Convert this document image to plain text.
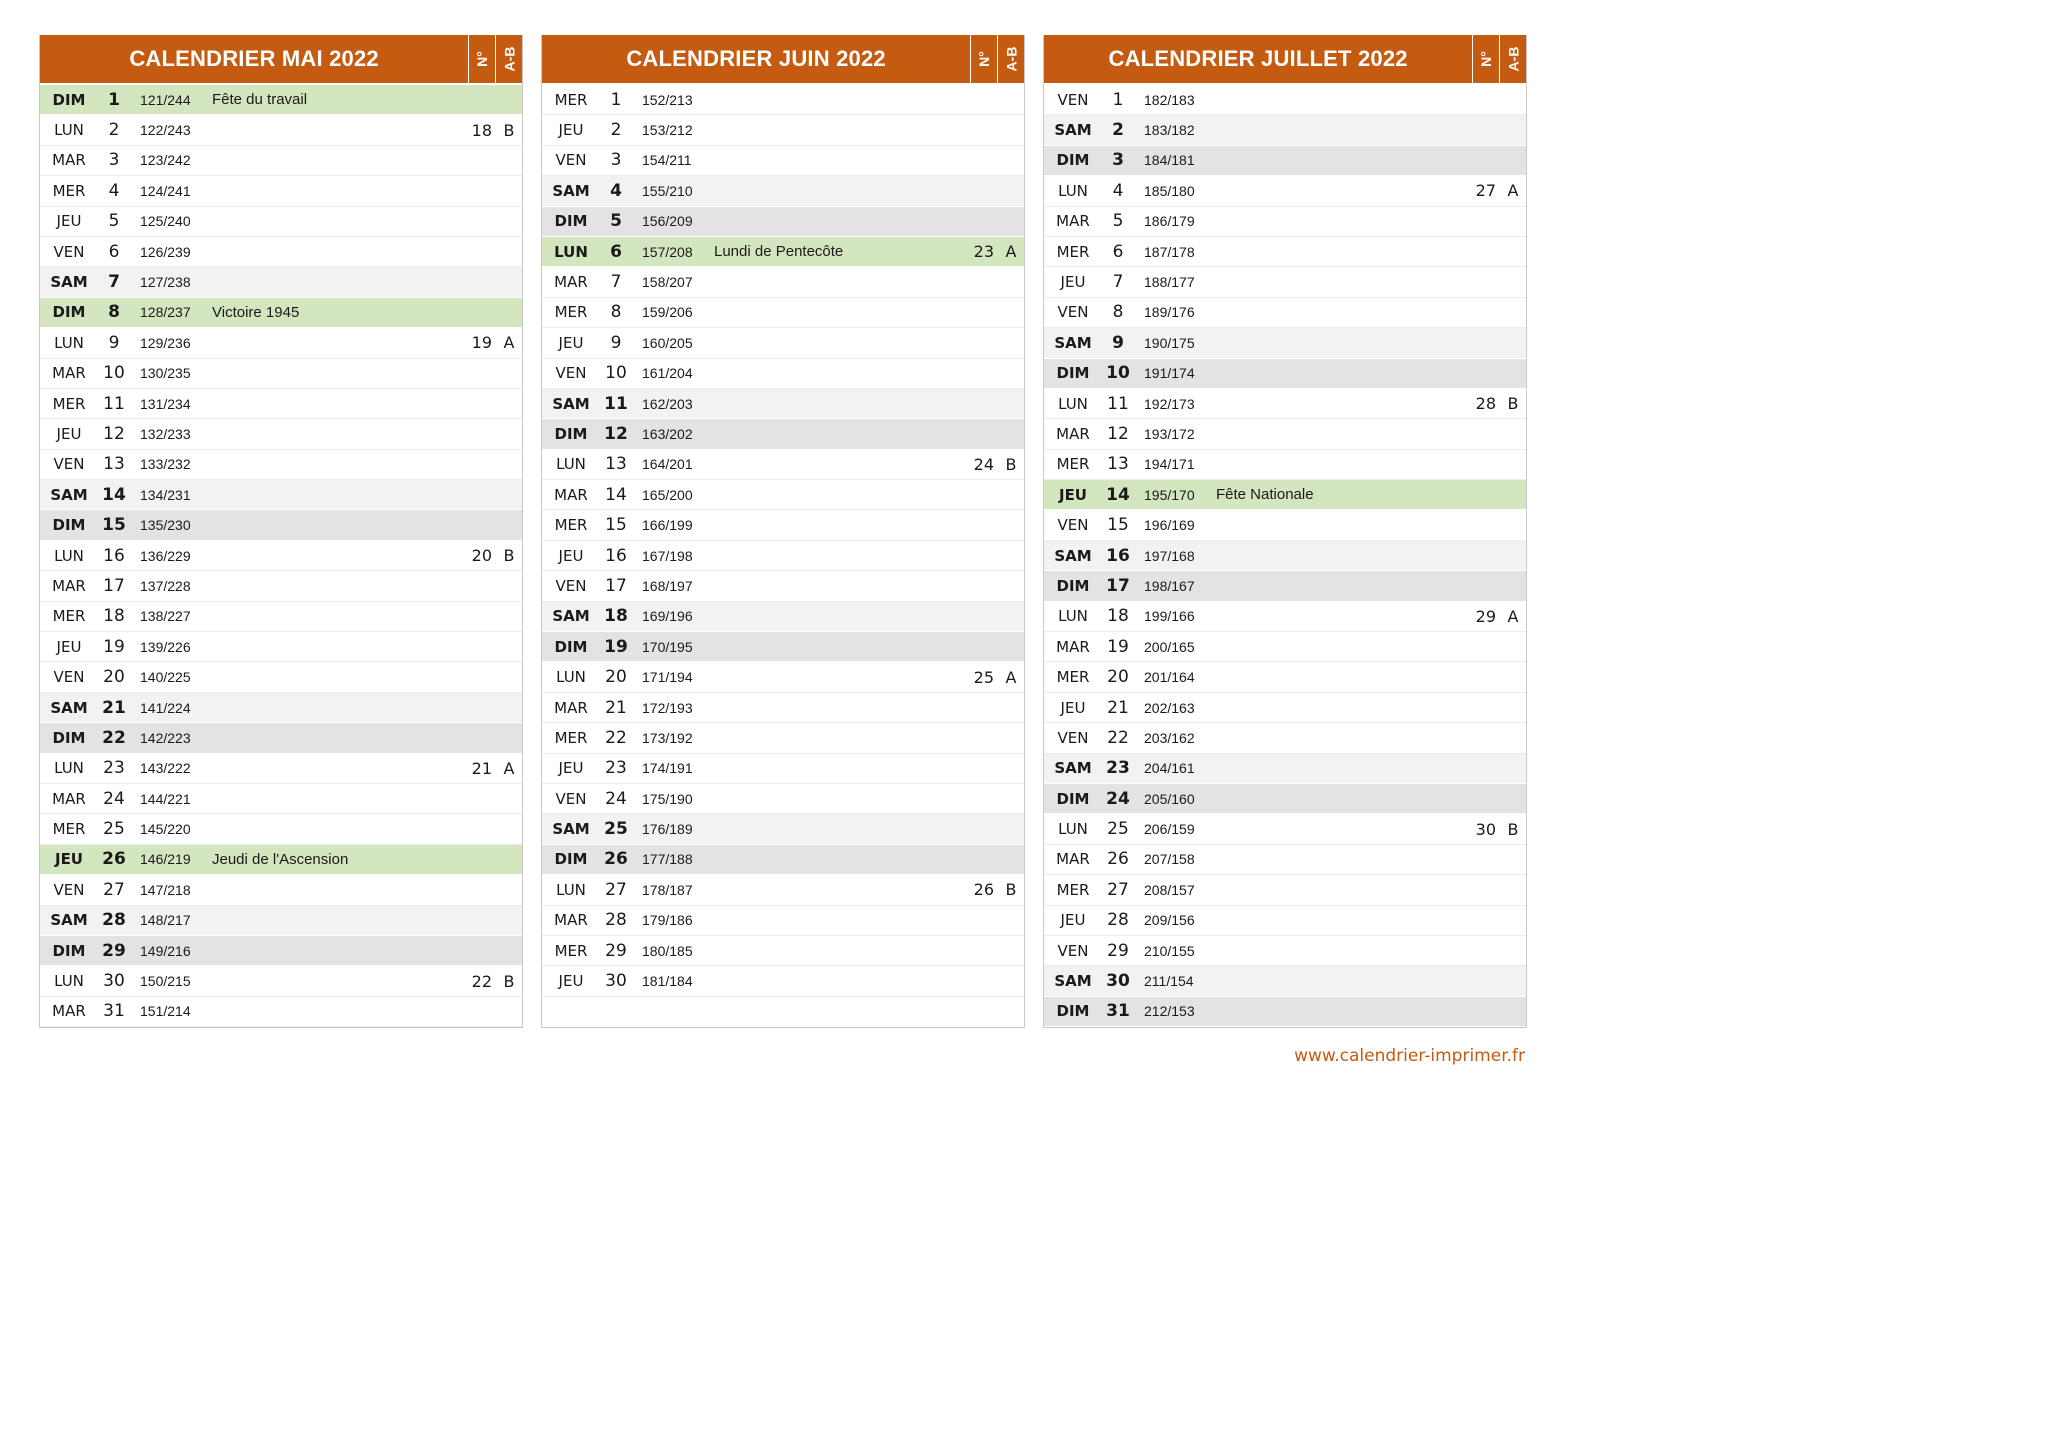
CALENDRIER MAI 2022	N° A-B
DIM	1	121/244	Fête du travail
LUN	2	122/243	18 B
MAR	3	123/242
MER	4	124/241
JEU	5	125/240
VEN	6	126/239
SAM	7	127/238
DIM	8	128/237	Victoire 1945
LUN	9	129/236	19 A
MAR	10	130/235
MER	11	131/234
JEU	12	132/233
VEN	13	133/232
SAM 14	134/231
DIM 15	135/230
LUN	16	136/229	20 B
MAR	17	137/228
MER	18	138/227
JEU	19	139/226
VEN	20	140/225
SAM 21	141/224
DIM 22	142/223
LUN	23	143/222	21 A
MAR	24	144/221
MER	25	145/220
JEU	26	146/219	Jeudi de l'Ascension
VEN	27	147/218
SAM 28	148/217
DIM 29	149/216
LUN	30	150/215	22 B
MAR	31	151/214
CALENDRIER JUIN 2022	N° A-B
MER	1	152/213
JEU	2	153/212
VEN	3	154/211
SAM	4	155/210
DIM	5	156/209
LUN	6	157/208	Lundi de Pentecôte	23 A
MAR	7	158/207
MER	8	159/206
JEU	9	160/205
VEN	10	161/204
SAM 11	162/203
DIM 12	163/202
LUN	13	164/201	24 B
MAR	14	165/200
MER	15	166/199
JEU	16	167/198
VEN	17	168/197
SAM 18	169/196
DIM 19	170/195
LUN	20	171/194	25 A
MAR	21	172/193
MER	22	173/192
JEU	23	174/191
VEN	24	175/190
SAM 25	176/189
DIM 26	177/188
LUN	27	178/187	26 B
MAR	28	179/186
MER	29	180/185
JEU	30	181/184
CALENDRIER JUILLET 2022	N° A-B
VEN	1	182/183
SAM	2	183/182
DIM	3	184/181
LUN	4	185/180	27 A
MAR	5	186/179
MER	6	187/178
JEU	7	188/177
VEN	8	189/176
SAM	9	190/175
DIM 10	191/174
LUN	11	192/173	28 B
MAR	12	193/172
MER	13	194/171
JEU	14	195/170	Fête Nationale
VEN	15	196/169
SAM 16	197/168
DIM 17	198/167
LUN	18	199/166	29 A
MAR	19	200/165
MER	20	201/164
JEU	21	202/163
VEN	22	203/162
SAM 23	204/161
DIM 24	205/160
LUN	25	206/159	30 B
MAR	26	207/158
MER	27	208/157
JEU	28	209/156
VEN	29	210/155
SAM 30	211/154
DIM 31	212/153
www.calendrier-imprimer.fr
